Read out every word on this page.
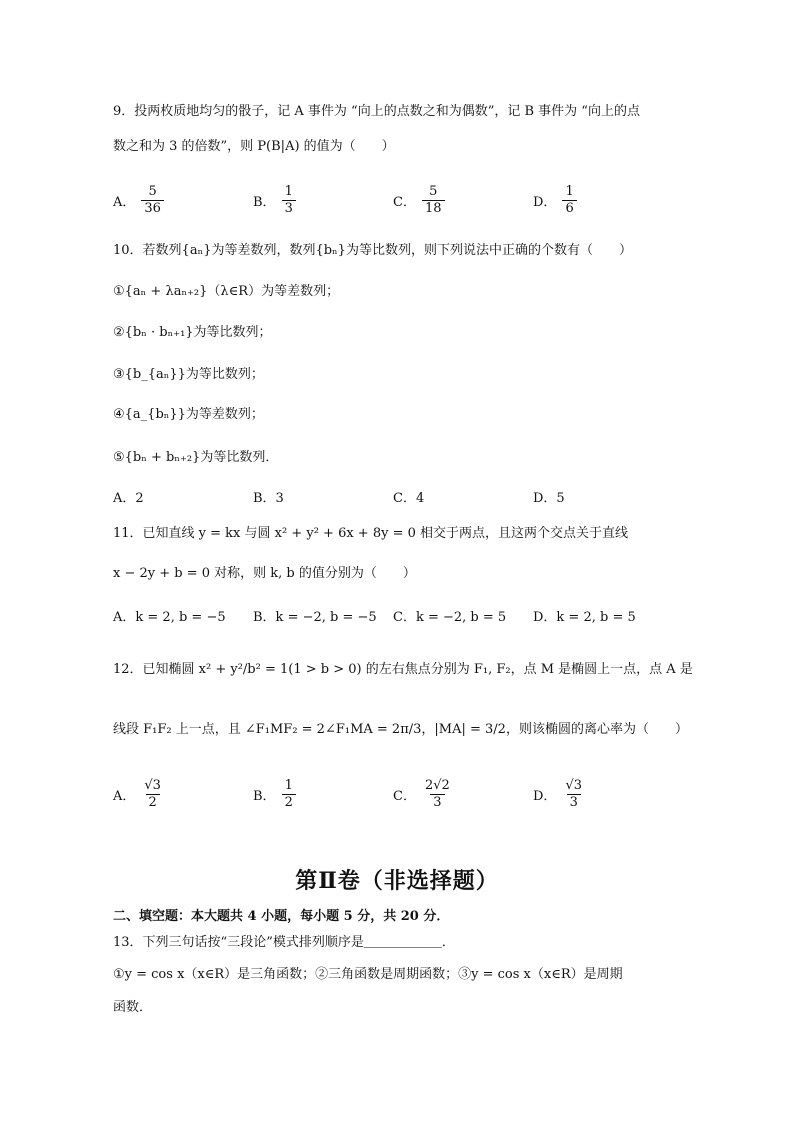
9．投两枚质地均匀的骰子，记 A 事件为 “向上的点数之和为偶数”，记 B 事件为 “向上的点
数之和为 3 的倍数”，则 P(B|A) 的值为（　　）
A． $\frac{5}{36}$	B． $\frac{1}{3}$	C． $\frac{5}{18}$	D． $\frac{1}{6}$
10．若数列{aₙ}为等差数列，数列{bₙ}为等比数列，则下列说法中正确的个数有（　　）
①{aₙ + λaₙ₊₂}（λ∈R）为等差数列；
②{bₙ · bₙ₊₁}为等比数列；
③{b_{aₙ}}为等比数列；
④{a_{bₙ}}为等差数列；
⑤{bₙ + bₙ₊₂}为等比数列．
A．2	B．3	C．4	D．5
11．已知直线 y = kx 与圆 x² + y² + 6x + 8y = 0 相交于两点，且这两个交点关于直线
x − 2y + b = 0 对称，则 k, b 的值分别为（　　）
A．k = 2, b = −5 B．k = −2, b = −5 C．k = −2, b = 5 D．k = 2, b = 5
12．已知椭圆 x² + y²/b² = 1(1 > b > 0) 的左右焦点分别为 F₁, F₂，点 M 是椭圆上一点，点 A 是
线段 F₁F₂ 上一点，且 ∠F₁MF₂ = 2∠F₁MA = 2π/3，|MA| = 3/2，则该椭圆的离心率为（　　）
A． $\frac{√3}{2}$	B． $\frac{1}{2}$	C． $\frac{2√2}{3}$	D． $\frac{√3}{3}$
第Ⅱ卷（非选择题）
二、填空题：本大题共 4 小题，每小题 5 分，共 20 分．
13．下列三句话按“三段论”模式排列顺序是＿＿＿＿＿＿．
①y = cos x（x∈R）是三角函数；②三角函数是周期函数；③y = cos x（x∈R）是周期
函数．
